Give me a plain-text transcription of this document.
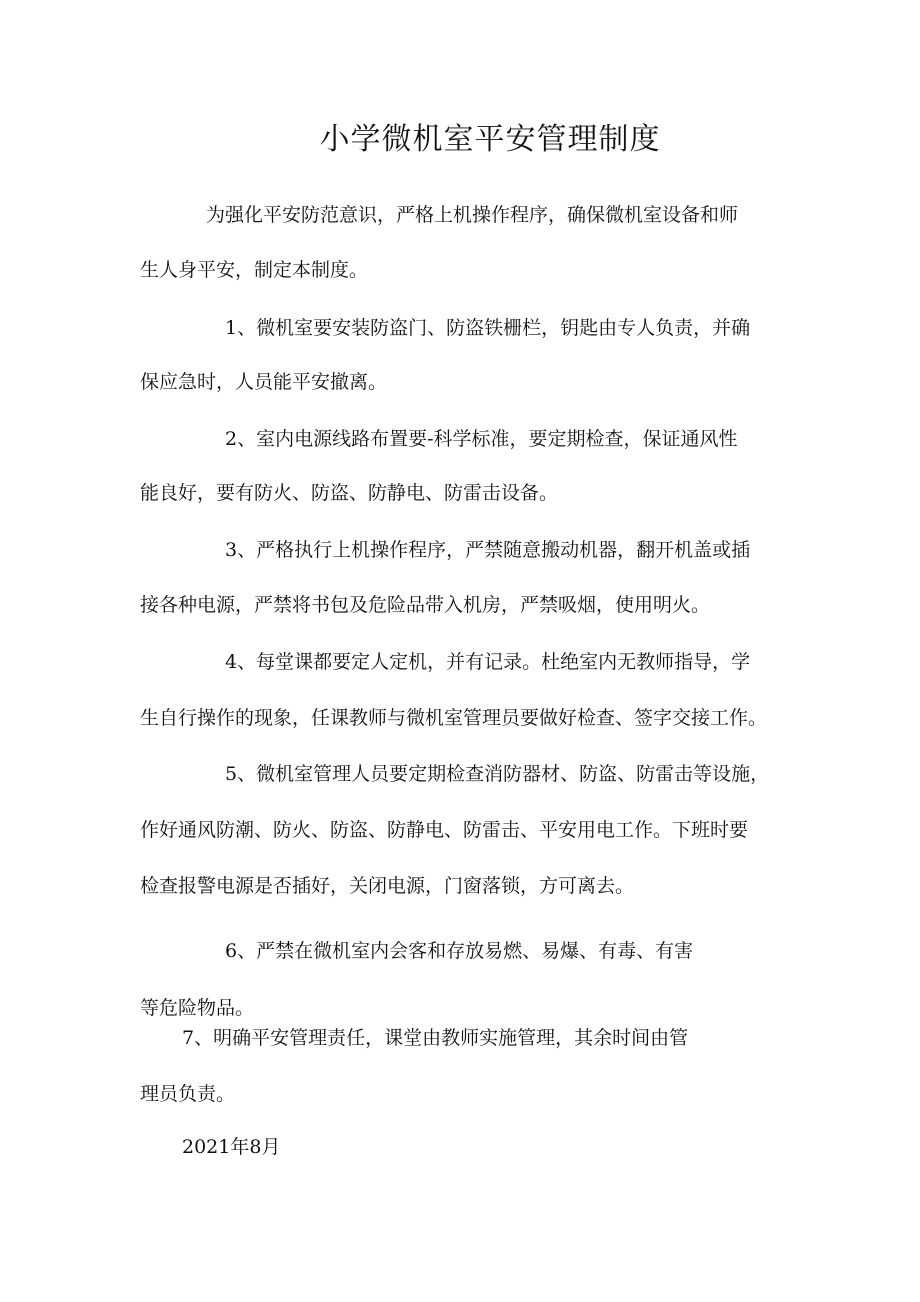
小学微机室平安管理制度

为强化平安防范意识，严格上机操作程序，确保微机室设备和师

生人身平安，制定本制度。

1、微机室要安装防盗门、防盗铁栅栏，钥匙由专人负责，并确

保应急时，人员能平安撤离。

2、室内电源线路布置要-科学标准，要定期检查，保证通风性

能良好，要有防火、防盗、防静电、防雷击设备。

3、严格执行上机操作程序，严禁随意搬动机器，翻开机盖或插

接各种电源，严禁将书包及危险品带入机房，严禁吸烟，使用明火。

4、每堂课都要定人定机，并有记录。杜绝室内无教师指导，学

生自行操作的现象，任课教师与微机室管理员要做好检查、签字交接工作。

5、微机室管理人员要定期检查消防器材、防盗、防雷击等设施，

作好通风防潮、防火、防盗、防静电、防雷击、平安用电工作。下班时要

检查报警电源是否插好，关闭电源，门窗落锁，方可离去。

6、严禁在微机室内会客和存放易燃、易爆、有毒、有害

等危险物品。

7、明确平安管理责任，课堂由教师实施管理，其余时间由管

理员负责。

2021年8月
